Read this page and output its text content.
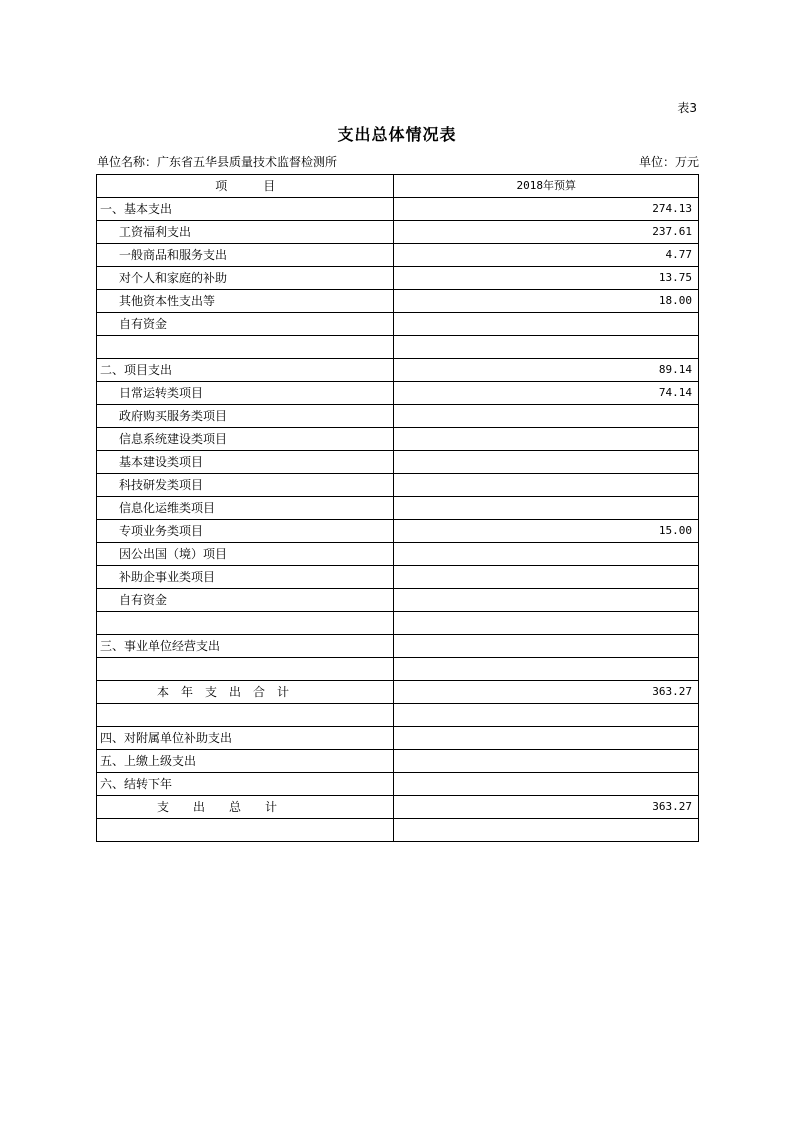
表3
支出总体情况表
单位名称：广东省五华县质量技术监督检测所	单位：万元
项　　　目	2018年预算
一、基本支出	274.13
工资福利支出	237.61
一般商品和服务支出	4.77
对个人和家庭的补助	13.75
其他资本性支出等	18.00
自有资金	

二、项目支出	89.14
日常运转类项目	74.14
政府购买服务类项目	
信息系统建设类项目	
基本建设类项目	
科技研发类项目	
信息化运维类项目	
专项业务类项目	15.00
因公出国（境）项目	
补助企事业类项目	
自有资金	

三、事业单位经营支出	

本　年　支　出　合　计	363.27

四、对附属单位补助支出	
五、上缴上级支出	
六、结转下年	
支　　出　　总　　计	363.27
